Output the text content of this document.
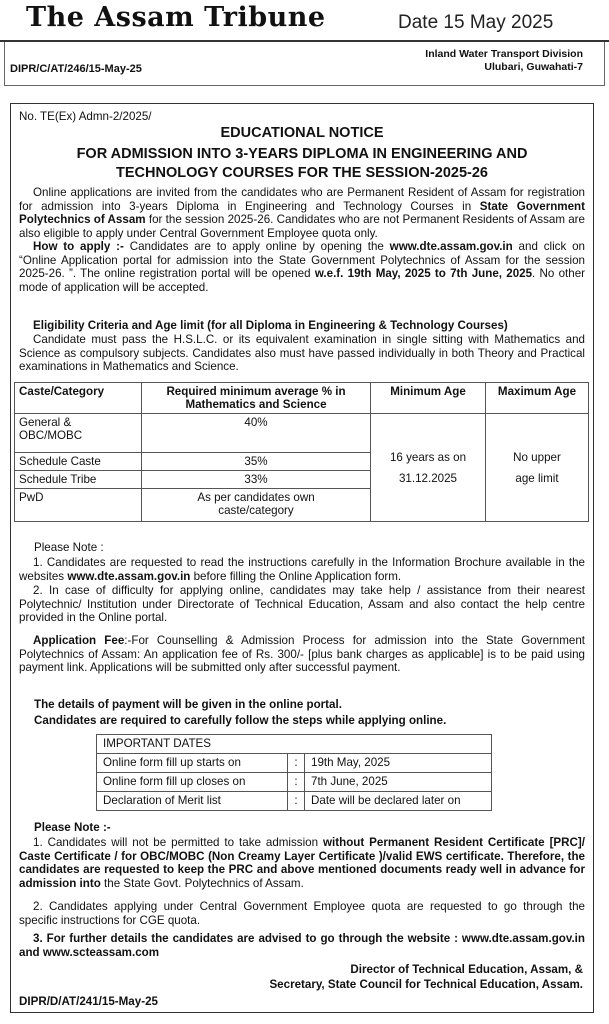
The Assam Tribune	Date 15 May 2025
DIPR/C/AT/246/15-May-25
Inland Water Transport Division
Ulubari, Guwahati-7
No. TE(Ex) Admn-2/2025/
EDUCATIONAL NOTICE
FOR ADMISSION INTO 3-YEARS DIPLOMA IN ENGINEERING AND
TECHNOLOGY COURSES FOR THE SESSION-2025-26
Online applications are invited from the candidates who are Permanent Resident of Assam for registration for admission into 3-years Diploma in Engineering and Technology Courses in State Government Polytechnics of Assam for the session 2025-26. Candidates who are not Permanent Residents of Assam are also eligible to apply under Central Government Employee quota only.
How to apply :- Candidates are to apply online by opening the www.dte.assam.gov.in and click on “Online Application portal for admission into the State Government Polytechnics of Assam for the session 2025-26. ”. The online registration portal will be opened w.e.f. 19th May, 2025 to 7th June, 2025. No other mode of application will be accepted.
Eligibility Criteria and Age limit (for all Diploma in Engineering & Technology Courses)
Candidate must pass the H.S.L.C. or its equivalent examination in single sitting with Mathematics and Science as compulsory subjects. Candidates also must have passed individually in both Theory and Practical examinations in Mathematics and Science.
Caste/Category	Required minimum average % in Mathematics and Science	Minimum Age	Maximum Age
General & OBC/MOBC	40%	16 years as on 31.12.2025	No upper age limit
Schedule Caste	35%		
Schedule Tribe	33%		
PwD	As per candidates own caste/category		
Please Note :
1. Candidates are requested to read the instructions carefully in the Information Brochure available in the websites www.dte.assam.gov.in before filling the Online Application form.
2. In case of difficulty for applying online, candidates may take help / assistance from their nearest Polytechnic/ Institution under Directorate of Technical Education, Assam and also contact the help centre provided in the Online portal.
Application Fee:-For Counselling & Admission Process for admission into the State Government Polytechnics of Assam: An application fee of Rs. 300/- [plus bank charges as applicable] is to be paid using payment link. Applications will be submitted only after successful payment.
The details of payment will be given in the online portal.
Candidates are required to carefully follow the steps while applying online.
IMPORTANT DATES		
Online form fill up starts on	:	19th May, 2025
Online form fill up closes on	:	7th June, 2025
Declaration of Merit list	:	Date will be declared later on
Please Note :-
1. Candidates will not be permitted to take admission without Permanent Resident Certificate [PRC]/ Caste Certificate / for OBC/MOBC (Non Creamy Layer Certificate )/valid EWS certificate. Therefore, the candidates are requested to keep the PRC and above mentioned documents ready well in advance for admission into the State Govt. Polytechnics of Assam.
2. Candidates applying under Central Government Employee quota are requested to go through the specific instructions for CGE quota.
3. For further details the candidates are advised to go through the website : www.dte.assam.gov.in and www.scteassam.com
Director of Technical Education, Assam, &
Secretary, State Council for Technical Education, Assam.
DIPR/D/AT/241/15-May-25
